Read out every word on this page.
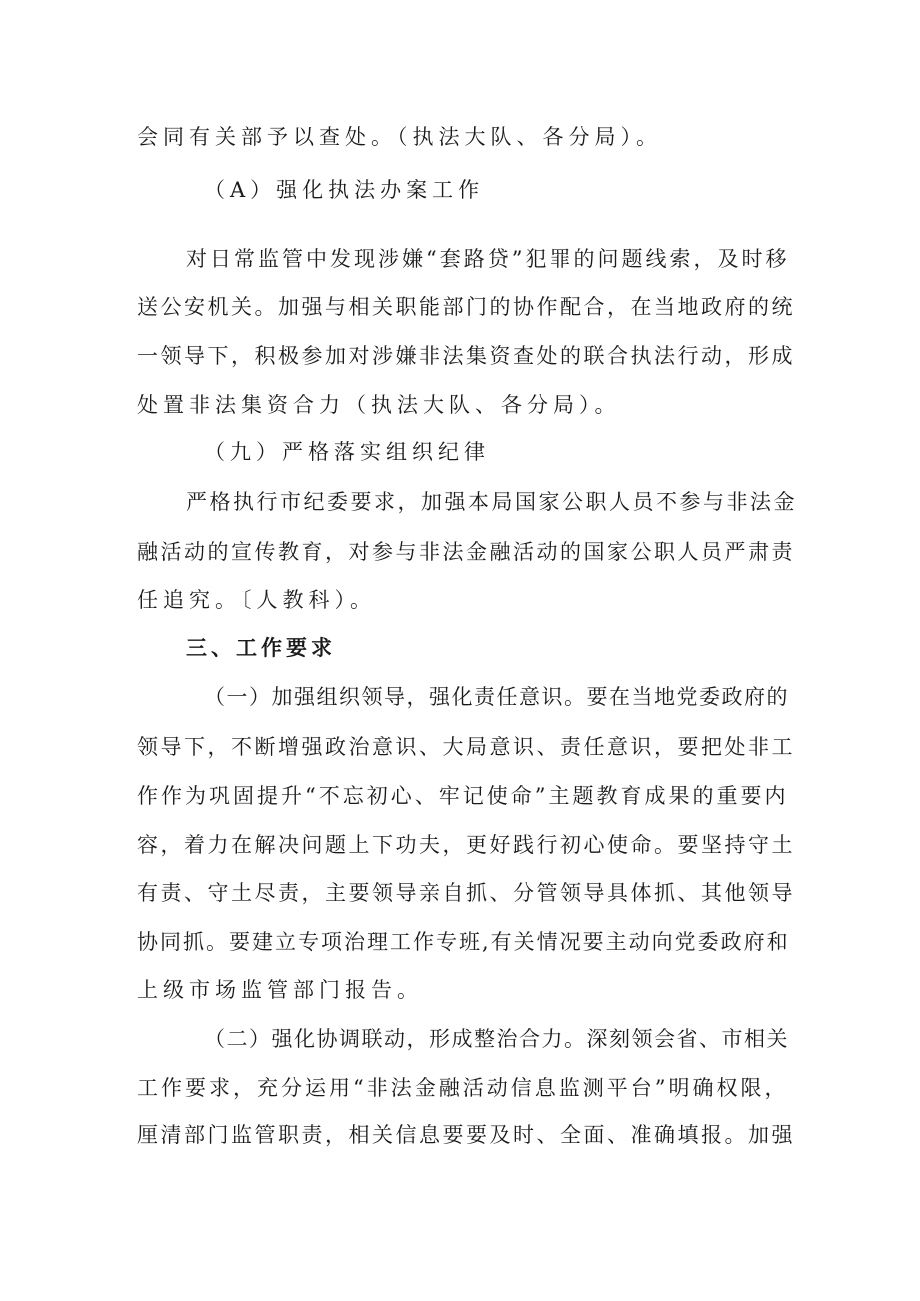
会同有关部予以查处。（执法大队、各分局）。
（A）强化执法办案工作
对日常监管中发现涉嫌“套路贷”犯罪的问题线索，及时移
送公安机关。加强与相关职能部门的协作配合，在当地政府的统
一领导下，积极参加对涉嫌非法集资查处的联合执法行动，形成
处置非法集资合力（执法大队、各分局）。
（九）严格落实组织纪律
严格执行市纪委要求，加强本局国家公职人员不参与非法金
融活动的宣传教育，对参与非法金融活动的国家公职人员严肃责
任追究。〔人教科）。
三、工作要求
（一）加强组织领导，强化责任意识。要在当地党委政府的
领导下，不断增强政治意识、大局意识、责任意识，要把处非工
作作为巩固提升“不忘初心、牢记使命”主题教育成果的重要内
容，着力在解决问题上下功夫，更好践行初心使命。要坚持守土
有责、守土尽责，主要领导亲自抓、分管领导具体抓、其他领导
协同抓。要建立专项治理工作专班,有关情况要主动向党委政府和
上级市场监管部门报告。
（二）强化协调联动，形成整治合力。深刻领会省、市相关
工作要求，充分运用“非法金融活动信息监测平台”明确权限，
厘清部门监管职责，相关信息要要及时、全面、准确填报。加强
